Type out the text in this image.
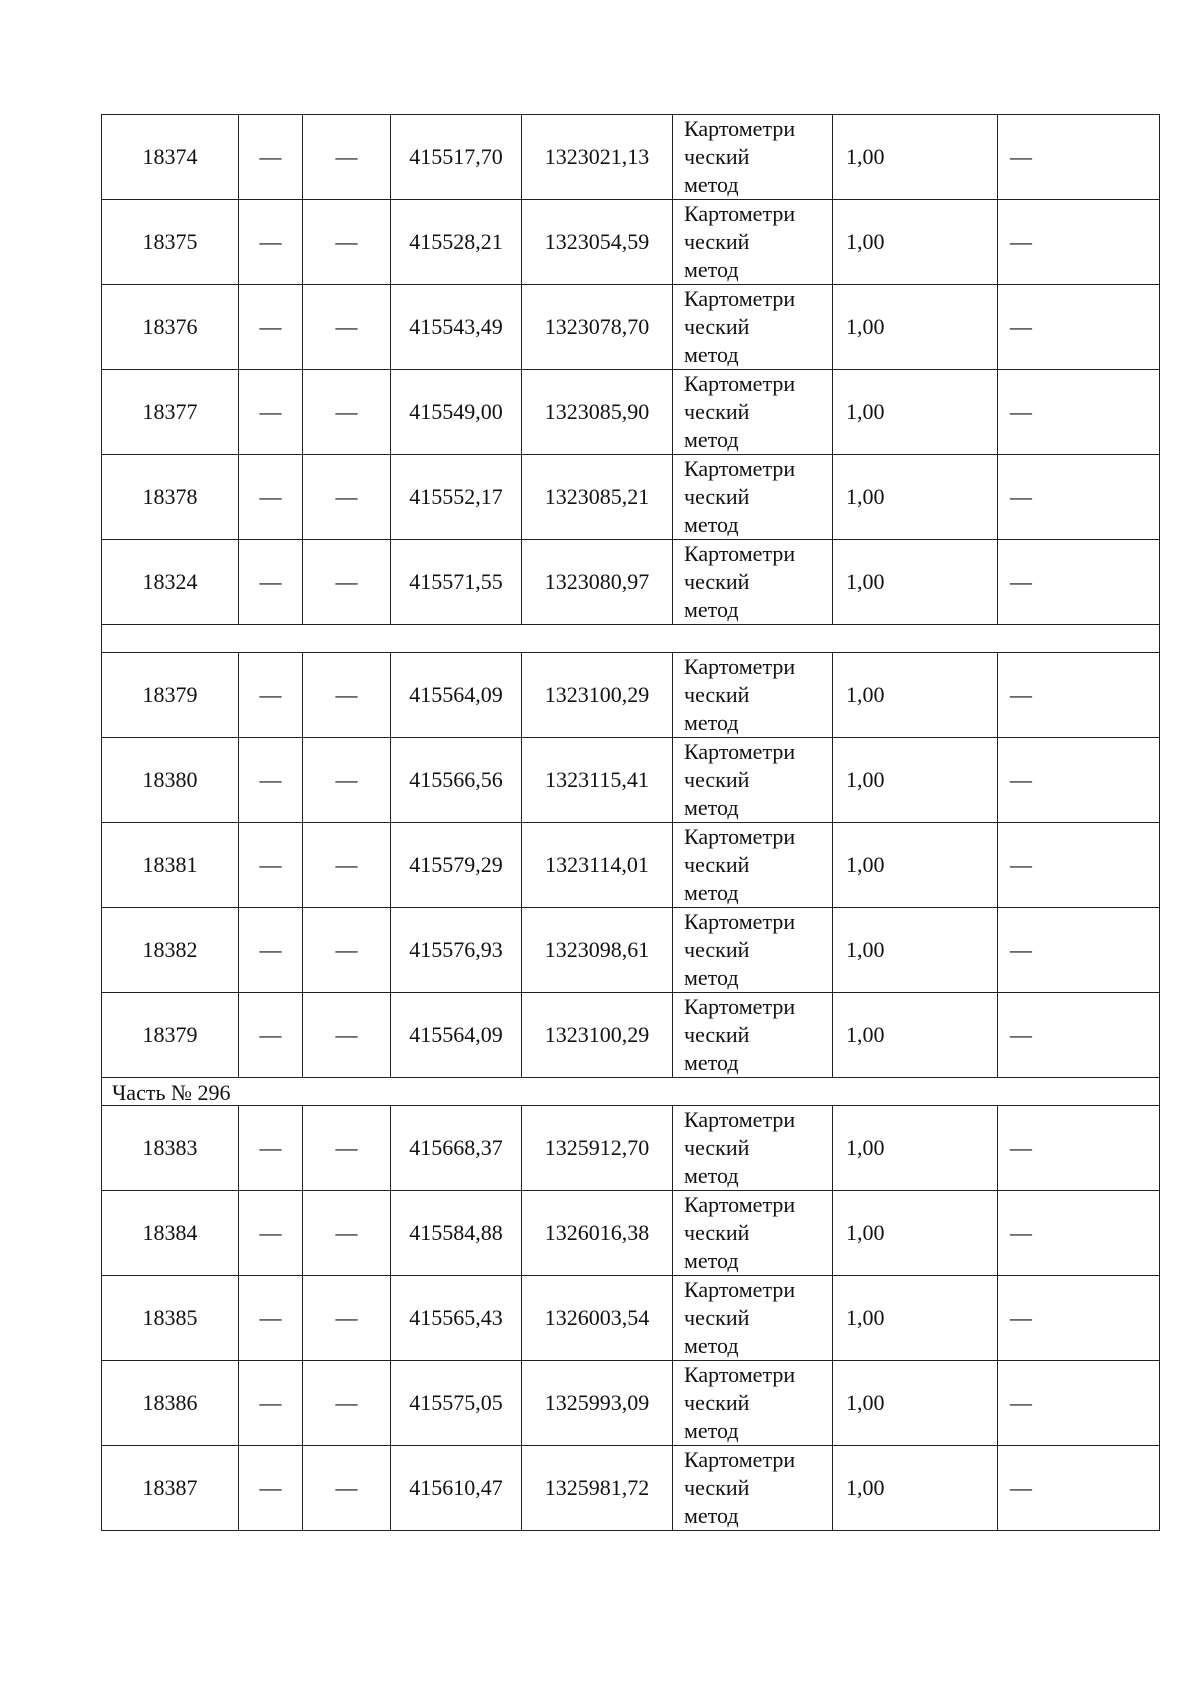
18374	—	—	415517,70	1323021,13	Картометри
ческий
метод	1,00	—
18375	—	—	415528,21	1323054,59	Картометри
ческий
метод	1,00	—
18376	—	—	415543,49	1323078,70	Картометри
ческий
метод	1,00	—
18377	—	—	415549,00	1323085,90	Картометри
ческий
метод	1,00	—
18378	—	—	415552,17	1323085,21	Картометри
ческий
метод	1,00	—
18324	—	—	415571,55	1323080,97	Картометри
ческий
метод	1,00	—

18379	—	—	415564,09	1323100,29	Картометри
ческий
метод	1,00	—
18380	—	—	415566,56	1323115,41	Картометри
ческий
метод	1,00	—
18381	—	—	415579,29	1323114,01	Картометри
ческий
метод	1,00	—
18382	—	—	415576,93	1323098,61	Картометри
ческий
метод	1,00	—
18379	—	—	415564,09	1323100,29	Картометри
ческий
метод	1,00	—
Часть № 296							
18383	—	—	415668,37	1325912,70	Картометри
ческий
метод	1,00	—
18384	—	—	415584,88	1326016,38	Картометри
ческий
метод	1,00	—
18385	—	—	415565,43	1326003,54	Картометри
ческий
метод	1,00	—
18386	—	—	415575,05	1325993,09	Картометри
ческий
метод	1,00	—
18387	—	—	415610,47	1325981,72	Картометри
ческий
метод	1,00	—
